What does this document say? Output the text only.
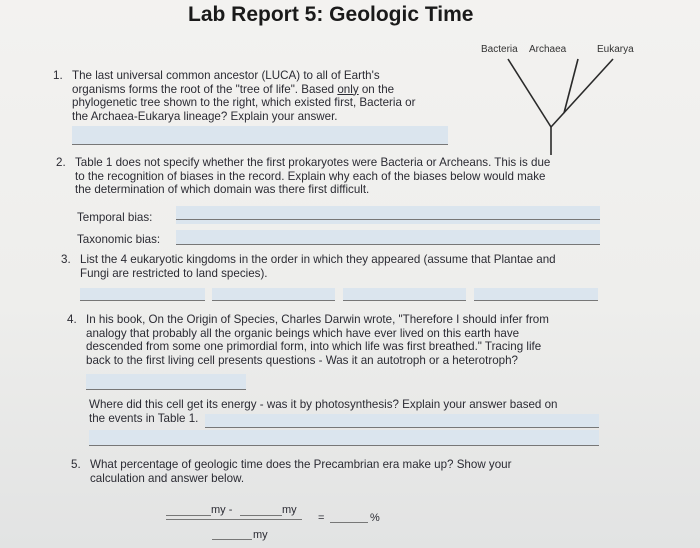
Lab Report 5: Geologic Time
Bacteria Archaea	Eukarya
1. The last universal common ancestor (LUCA) to all of Earth's

organisms forms the root of the "tree of life". Based only on the

phylogenetic tree shown to the right, which existed first, Bacteria or

the Archaea-Eukarya lineage? Explain your answer.

2. Table 1 does not specify whether the first prokaryotes were Bacteria or Archeans. This is due

to the recognition of biases in the record. Explain why each of the biases below would make

the determination of which domain was there first difficult.

Temporal bias:
Taxonomic bias:
3. List the 4 eukaryotic kingdoms in the order in which they appeared (assume that Plantae and

Fungi are restricted to land species).

4. In his book, On the Origin of Species, Charles Darwin wrote, "Therefore I should infer from

analogy that probably all the organic beings which have ever lived on this earth have

descended from some one primordial form, into which life was first breathed." Tracing life

back to the first living cell presents questions - Was it an autotroph or a heterotroph?

Where did this cell get its energy - was it by photosynthesis? Explain your answer based on

the events in Table 1.

5. What percentage of geologic time does the Precambrian era make up? Show your

calculation and answer below.

my -	my
=	%
my
